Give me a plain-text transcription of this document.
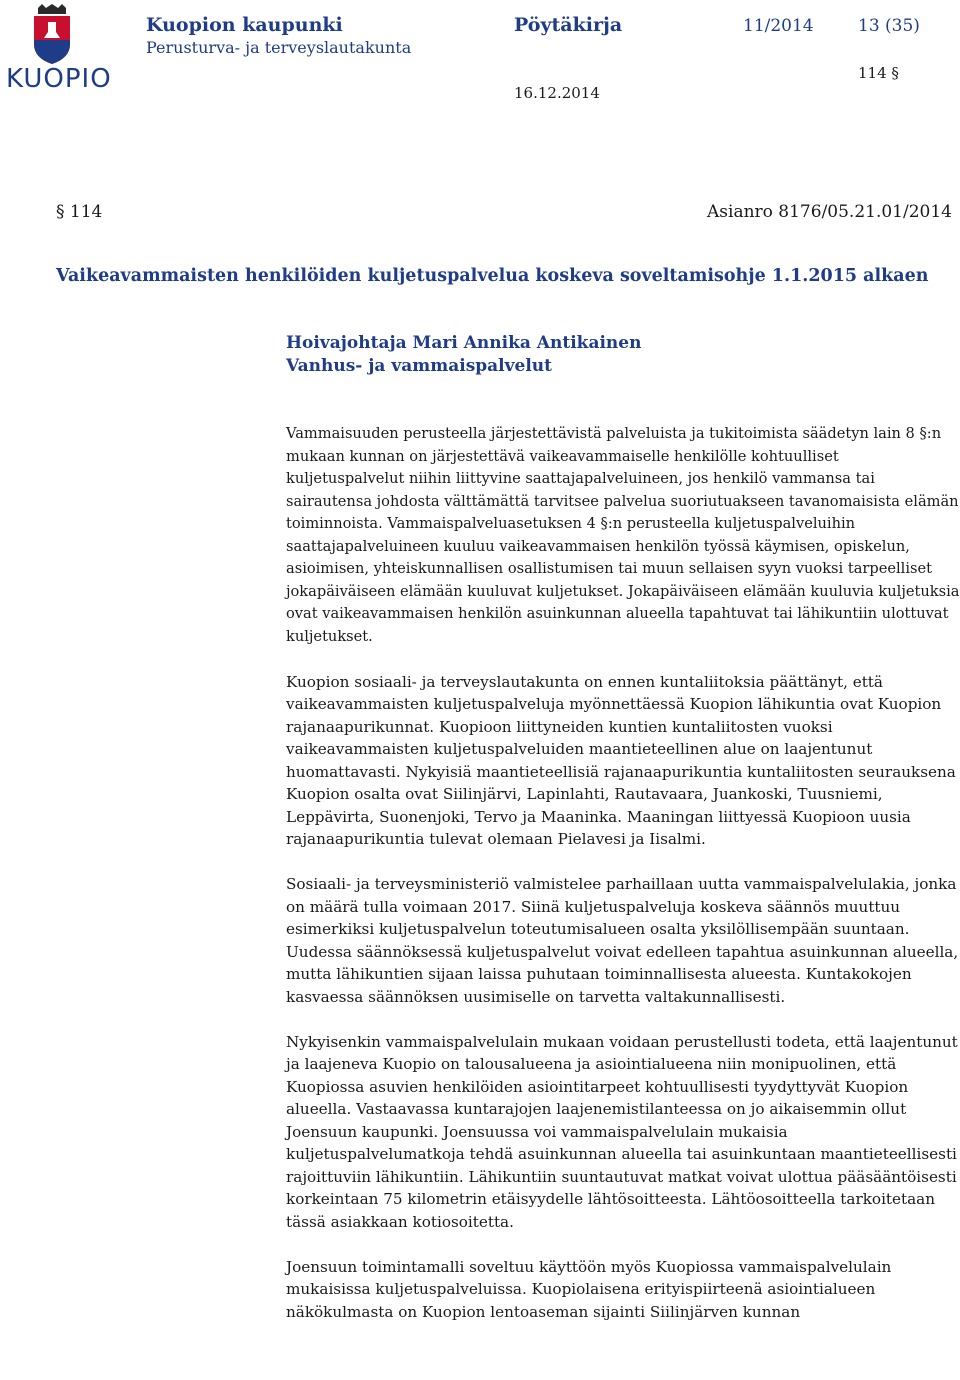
KUOPIO
Kuopion kaupunki
Perusturva- ja terveyslautakunta
Pöytäkirja	11/2014	13 (35)
16.12.2014
114 §
§ 114	Asianro 8176/05.21.01/2014
Vaikeavammaisten henkilöiden kuljetuspalvelua koskeva soveltamisohje 1.1.2015 alkaen
Hoivajohtaja Mari Annika Antikainen
Vanhus- ja vammaispalvelut

Vammaisuuden perusteella järjestettävistä palveluista ja tukitoimista säädetyn lain 8 §:n mukaan kunnan on järjestettävä vaikeavammaiselle henkilölle kohtuulliset kuljetuspalvelut niihin liittyvine saattajapalveluineen, jos henkilö vammansa tai sairautensa johdosta välttämättä tarvitsee palvelua suoriutuakseen tavanomaisista elämän toiminnoista. Vammaispalveluasetuksen 4 §:n perusteella kuljetuspalveluihin saattajapalveluineen kuuluu vaikeavammaisen henkilön työssä käymisen, opiskelun, asioimisen, yhteiskunnallisen osallistumisen tai muun sellaisen syyn vuoksi tarpeelliset jokapäiväiseen elämään kuuluvat kuljetukset. Jokapäiväiseen elämään kuuluvia kuljetuksia ovat vaikeavammaisen henkilön asuinkunnan alueella tapahtuvat tai lähikuntiin ulottuvat kuljetukset.

Kuopion sosiaali- ja terveyslautakunta on ennen kuntaliitoksia päättänyt, että vaikeavammaisten kuljetuspalveluja myönnettäessä Kuopion lähikuntia ovat Kuopion rajanaapurikunnat. Kuopioon liittyneiden kuntien kuntaliitosten vuoksi vaikeavammaisten kuljetuspalveluiden maantieteellinen alue on laajentunut huomattavasti. Nykyisiä maantieteellisiä rajanaapurikuntia kuntaliitosten seurauksena Kuopion osalta ovat Siilinjärvi, Lapinlahti, Rautavaara, Juankoski, Tuusniemi, Leppävirta, Suonenjoki, Tervo ja Maaninka. Maaningan liittyessä Kuopioon uusia rajanaapurikuntia tulevat olemaan Pielavesi ja Iisalmi.

Sosiaali- ja terveysministeriö valmistelee parhaillaan uutta vammaispalvelulakia, jonka on määrä tulla voimaan 2017. Siinä kuljetuspalveluja koskeva säännös muuttuu esimerkiksi kuljetuspalvelun toteutumisalueen osalta yksilöllisempään suuntaan. Uudessa säännöksessä kuljetuspalvelut voivat edelleen tapahtua asuinkunnan alueella, mutta lähikuntien sijaan laissa puhutaan toiminnallisesta alueesta. Kuntakokojen kasvaessa säännöksen uusimiselle on tarvetta valtakunnallisesti.

Nykyisenkin vammaispalvelulain mukaan voidaan perustellusti todeta, että laajentunut ja laajeneva Kuopio on talousalueena ja asiointialueena niin monipuolinen, että Kuopiossa asuvien henkilöiden asiointitarpeet kohtuullisesti tyydyttyvät Kuopion alueella. Vastaavassa kuntarajojen laajenemistilanteessa on jo aikaisemmin ollut Joensuun kaupunki. Joensuussa voi vammaispalvelulain mukaisia kuljetuspalvelumatkoja tehdä asuinkunnan alueella tai asuinkuntaan maantieteellisesti rajoittuviin lähikuntiin. Lähikuntiin suuntautuvat matkat voivat ulottua pääsääntöisesti korkeintaan 75 kilometrin etäisyydelle lähtösoitteesta. Lähtöosoitteella tarkoitetaan tässä asiakkaan kotiosoitetta.

Joensuun toimintamalli soveltuu käyttöön myös Kuopiossa vammaispalvelulain mukaisissa kuljetuspalveluissa. Kuopiolaisena erityispiirteenä asiointialueen näkökulmasta on Kuopion lentoaseman sijainti Siilinjärven kunnan
